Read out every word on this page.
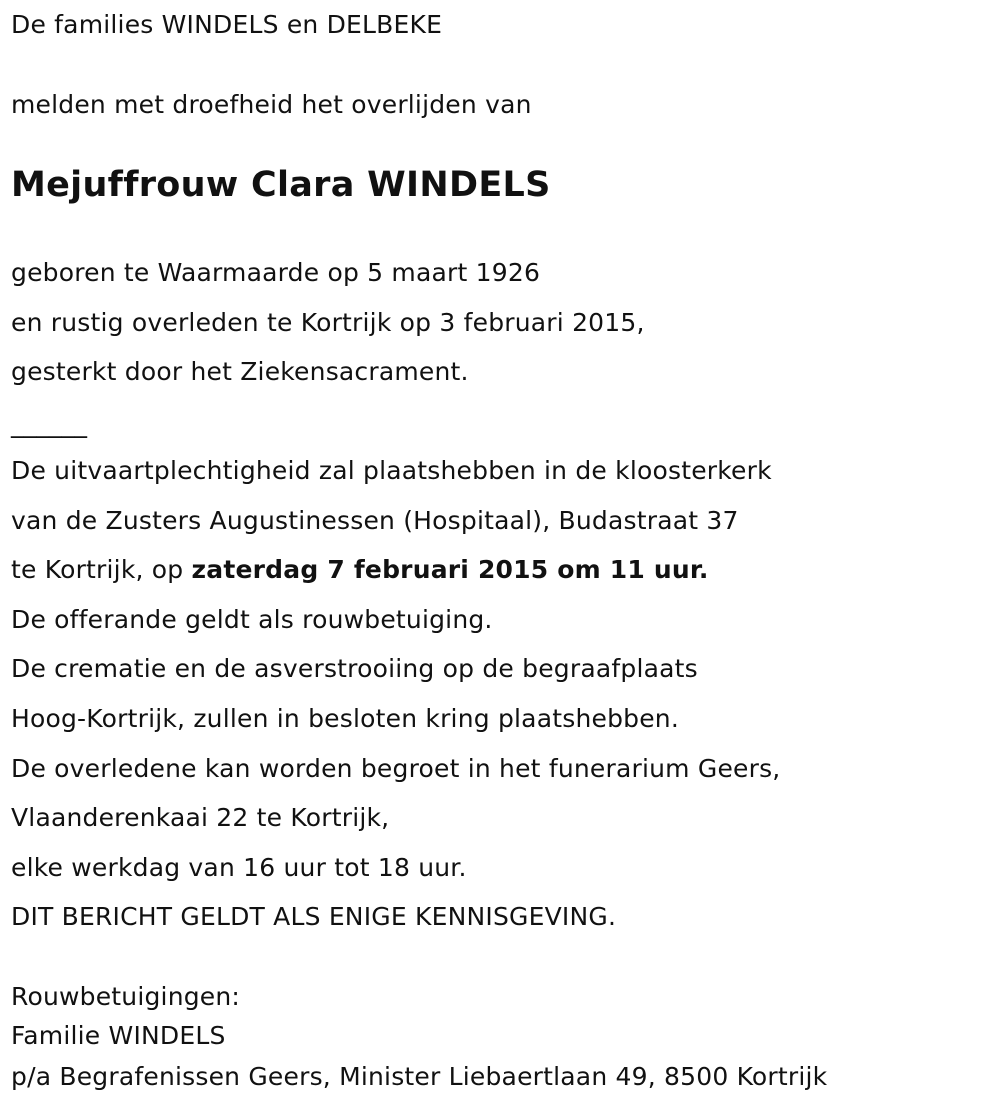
De families WINDELS en DELBEKE

melden met droefheid het overlijden van

Mejuffrouw Clara WINDELS

geboren te Waarmaarde op 5 maart 1926

en rustig overleden te Kortrijk op 3 februari 2015,

gesterkt door het Ziekensacrament.

______

De uitvaartplechtigheid zal plaatshebben in de kloosterkerk

van de Zusters Augustinessen (Hospitaal), Budastraat 37

te Kortrijk, op zaterdag 7 februari 2015 om 11 uur.

De offerande geldt als rouwbetuiging.

De crematie en de asverstrooiing op de begraafplaats

Hoog-Kortrijk, zullen in besloten kring plaatshebben.

De overledene kan worden begroet in het funerarium Geers,

Vlaanderenkaai 22 te Kortrijk,

elke werkdag van 16 uur tot 18 uur.

DIT BERICHT GELDT ALS ENIGE KENNISGEVING.

Rouwbetuigingen:

Familie WINDELS

p/a Begrafenissen Geers, Minister Liebaertlaan 49, 8500 Kortrijk
